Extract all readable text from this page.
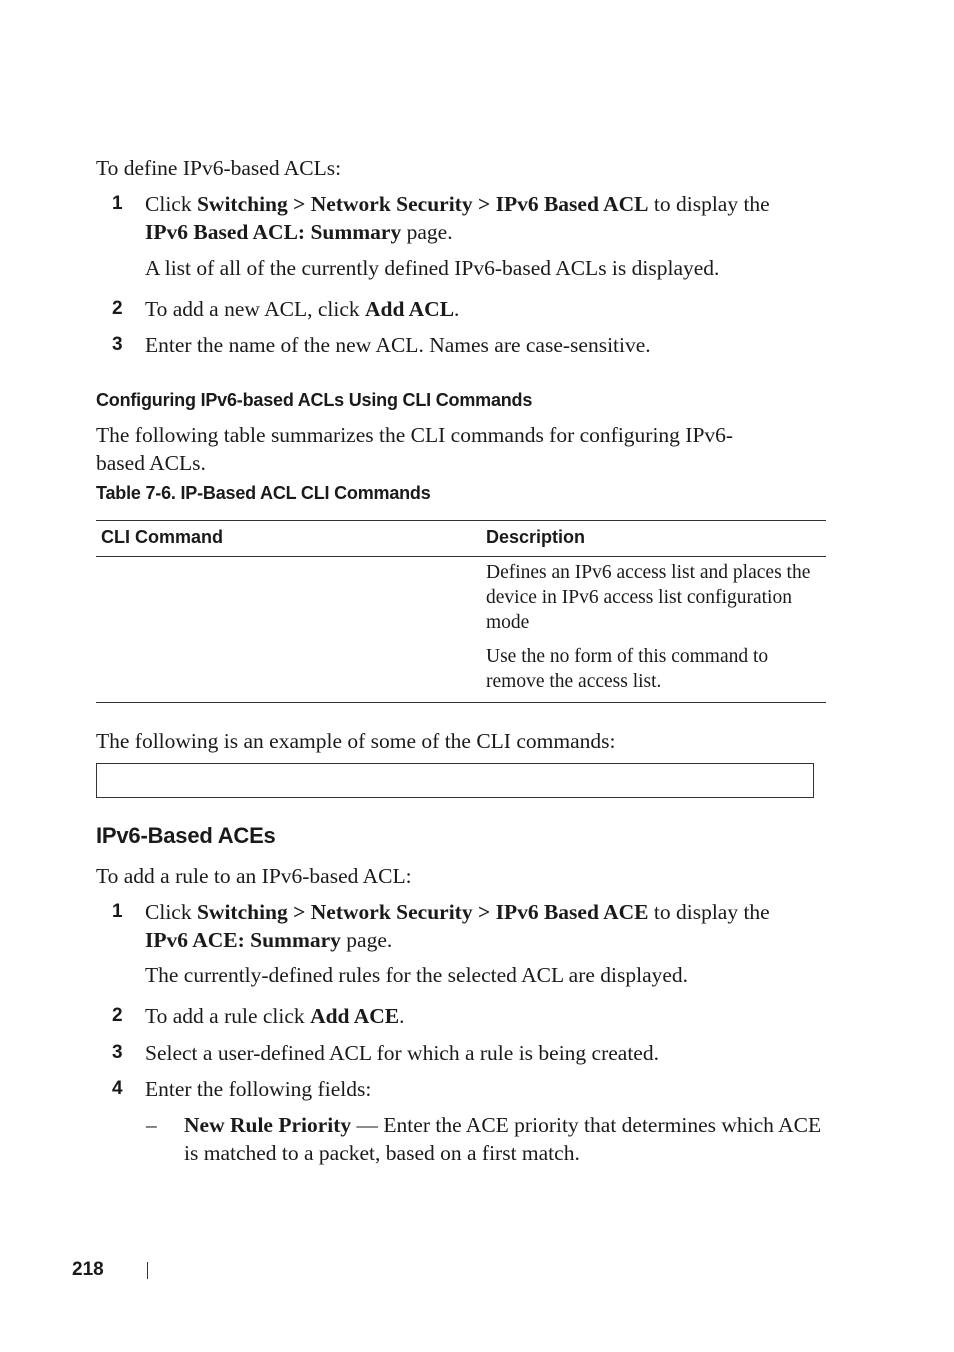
To define IPv6-based ACLs:
1 Click Switching > Network Security > IPv6 Based ACL to display the
IPv6 Based ACL: Summary page.
A list of all of the currently defined IPv6-based ACLs is displayed.
2 To add a new ACL, click Add ACL.
3 Enter the name of the new ACL. Names are case-sensitive.
Configuring IPv6-based ACLs Using CLI Commands
The following table summarizes the CLI commands for configuring IPv6-based ACLs.
Table 7-6. IP-Based ACL CLI Commands
CLI Command	Description
Defines an IPv6 access list and places the device in IPv6 access list configuration mode
Use the no form of this command to remove the access list.
The following is an example of some of the CLI commands:
IPv6-Based ACEs
To add a rule to an IPv6-based ACL:
1 Click Switching > Network Security > IPv6 Based ACE to display the
IPv6 ACE: Summary page.
The currently-defined rules for the selected ACL are displayed.
2 To add a rule click Add ACE.
3 Select a user-defined ACL for which a rule is being created.
4 Enter the following fields:
– New Rule Priority — Enter the ACE priority that determines which ACE is matched to a packet, based on a first match.
218
